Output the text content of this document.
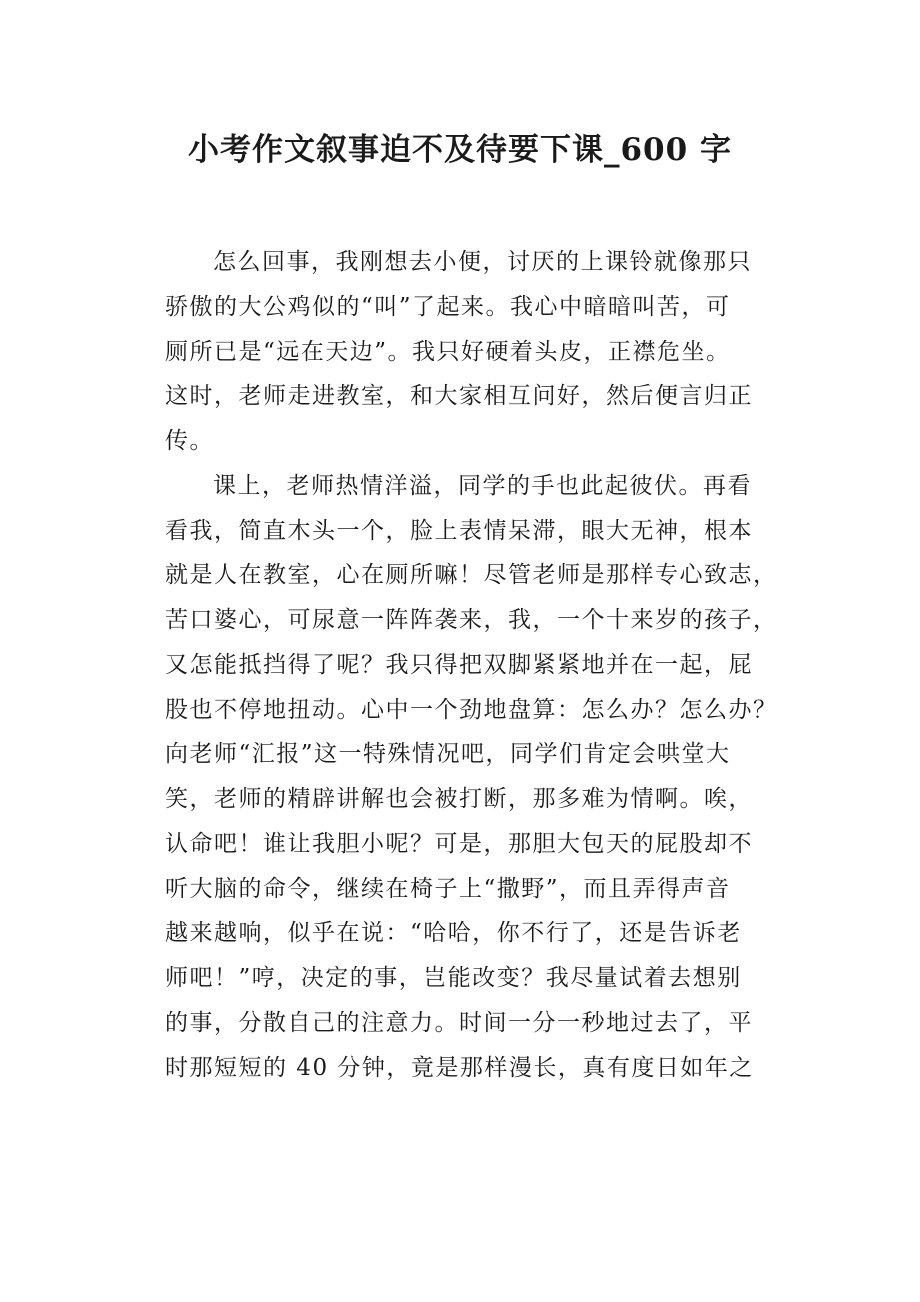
小考作文叙事迫不及待要下课_600 字
怎么回事，我刚想去小便，讨厌的上课铃就像那只
骄傲的大公鸡似的“叫”了起来。我心中暗暗叫苦，可
厕所已是“远在天边”。我只好硬着头皮，正襟危坐。
这时，老师走进教室，和大家相互问好，然后便言归正
传。
课上，老师热情洋溢，同学的手也此起彼伏。再看
看我，简直木头一个，脸上表情呆滞，眼大无神，根本
就是人在教室，心在厕所嘛！尽管老师是那样专心致志，
苦口婆心，可尿意一阵阵袭来，我，一个十来岁的孩子，
又怎能抵挡得了呢？我只得把双脚紧紧地并在一起，屁
股也不停地扭动。心中一个劲地盘算：怎么办？怎么办？
向老师“汇报”这一特殊情况吧，同学们肯定会哄堂大
笑，老师的精辟讲解也会被打断，那多难为情啊。唉，
认命吧！谁让我胆小呢？可是，那胆大包天的屁股却不
听大脑的命令，继续在椅子上“撒野”，而且弄得声音
越来越响，似乎在说：“哈哈，你不行了，还是告诉老
师吧！”哼，决定的事，岂能改变？我尽量试着去想别
的事，分散自己的注意力。时间一分一秒地过去了，平
时那短短的 40 分钟，竟是那样漫长，真有度日如年之
